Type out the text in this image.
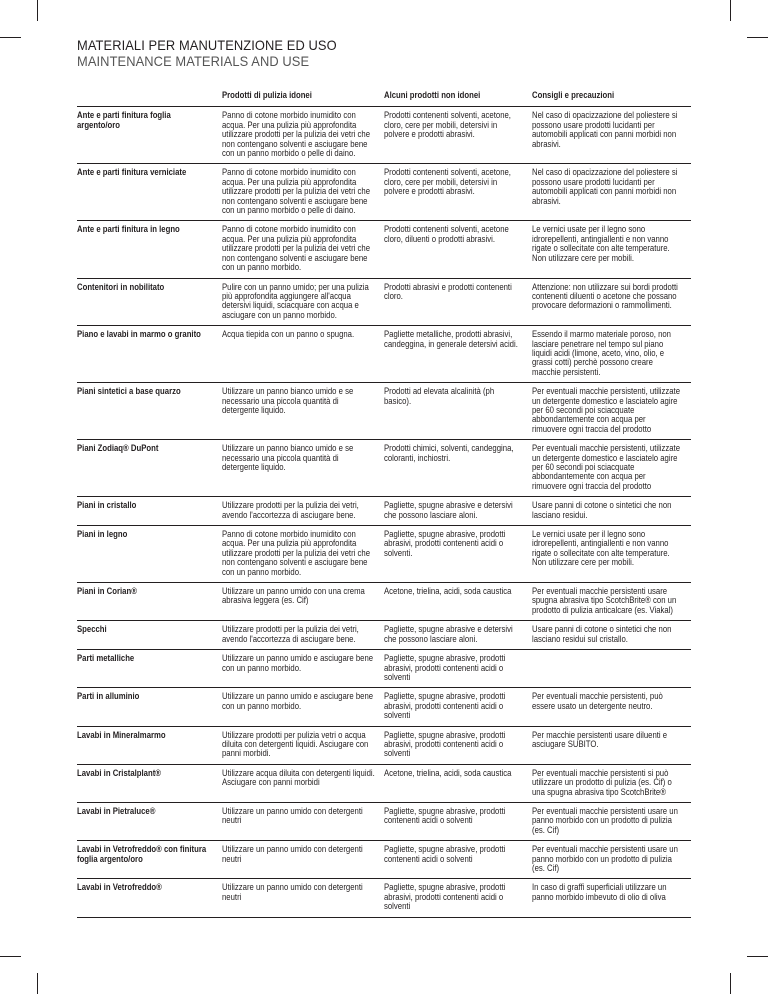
MATERIALI PER MANUTENZIONE ED USO
MAINTENANCE MATERIALS AND USE

	Prodotti di pulizia idonei	Alcuni prodotti non idonei	Consigli e precauzioni

Ante e parti finitura foglia argento/oro	Panno di cotone morbido inumidito con acqua. Per una pulizia più approfondita utilizzare prodotti per la pulizia dei vetri che non contengano solventi e asciugare bene con un panno morbido o pelle di daino.	Prodotti contenenti solventi, acetone, cloro, cere per mobili, detersivi in polvere e prodotti abrasivi.	Nel caso di opacizzazione del poliestere si possono usare prodotti lucidanti per automobili applicati con panni morbidi non abrasivi.

Ante e parti finitura verniciate	Panno di cotone morbido inumidito con acqua. Per una pulizia più approfondita utilizzare prodotti per la pulizia dei vetri che non contengano solventi e asciugare bene con un panno morbido o pelle di daino.	Prodotti contenenti solventi, acetone, cloro, cere per mobili, detersivi in polvere e prodotti abrasivi.	Nel caso di opacizzazione del poliestere si possono usare prodotti lucidanti per automobili applicati con panni morbidi non abrasivi.

Ante e parti finitura in legno	Panno di cotone morbido inumidito con acqua. Per una pulizia più approfondita utilizzare prodotti per la pulizia dei vetri che non contengano solventi e asciugare bene con un panno morbido.	Prodotti contenenti solventi, acetone cloro, diluenti o prodotti abrasivi.	Le vernici usate per il legno sono idrorepellenti, antingiallenti e non vanno rigate o sollecitate con alte temperature. Non utilizzare cere per mobili.

Contenitori in nobilitato	Pulire con un panno umido; per una pulizia più approfondita aggiungere all'acqua detersivi liquidi, sciacquare con acqua e asciugare con un panno morbido.	Prodotti abrasivi e prodotti contenenti cloro.	Attenzione: non utilizzare sui bordi prodotti contenenti diluenti o acetone che possano provocare deformazioni o rammollimenti.

Piano e lavabi in marmo o granito	Acqua tiepida con un panno o spugna.	Pagliette metalliche, prodotti abrasivi, candeggina, in generale detersivi acidi.	Essendo il marmo materiale poroso, non lasciare penetrare nel tempo sul piano liquidi acidi (limone, aceto, vino, olio, e grassi cotti) perchè possono creare macchie persistenti.

Piani sintetici a base quarzo	Utilizzare un panno bianco umido e se necessario una piccola quantità di detergente liquido.	Prodotti ad elevata alcalinità (ph basico).	Per eventuali macchie persistenti, utilizzate un detergente domestico e lasciatelo agire per 60 secondi poi sciacquate abbondantemente con acqua per rimuovere ogni traccia del prodotto

Piani Zodiaq® DuPont	Utilizzare un panno bianco umido e se necessario una piccola quantità di detergente liquido.	Prodotti chimici, solventi, candeggina, coloranti, inchiostri.	Per eventuali macchie persistenti, utilizzate un detergente domestico e lasciatelo agire per 60 secondi poi sciacquate abbondantemente con acqua per rimuovere ogni traccia del prodotto

Piani in cristallo	Utilizzare prodotti per la pulizia dei vetri, avendo l'accortezza di asciugare bene.	Pagliette, spugne abrasive e detersivi che possono lasciare aloni.	Usare panni di cotone o sintetici che non lasciano residui.

Piani in legno	Panno di cotone morbido inumidito con acqua. Per una pulizia più approfondita utilizzare prodotti per la pulizia dei vetri che non contengano solventi e asciugare bene con un panno morbido.	Pagliette, spugne abrasive, prodotti abrasivi, prodotti contenenti acidi o solventi.	Le vernici usate per il legno sono idrorepellenti, antingiallenti e non vanno rigate o sollecitate con alte temperature. Non utilizzare cere per mobili.

Piani in Corian®	Utilizzare un panno umido con una crema abrasiva leggera (es. Cif)	Acetone, trielina, acidi, soda caustica	Per eventuali macchie persistenti usare spugna abrasiva tipo ScotchBrite® con un prodotto di pulizia anticalcare (es. Viakal)

Specchi	Utilizzare prodotti per la pulizia dei vetri, avendo l'accortezza di asciugare bene.	Pagliette, spugne abrasive e detersivi che possono lasciare aloni.	Usare panni di cotone o sintetici che non lasciano residui sul cristallo.

Parti metalliche	Utilizzare un panno umido e asciugare bene con un panno morbido.	Pagliette, spugne abrasive, prodotti abrasivi, prodotti contenenti acidi o solventi	

Parti in alluminio	Utilizzare un panno umido e asciugare bene con un panno morbido.	Pagliette, spugne abrasive, prodotti abrasivi, prodotti contenenti acidi o solventi	Per eventuali macchie persistenti, può essere usato un detergente neutro.

Lavabi in Mineralmarmo	Utilizzare prodotti per pulizia vetri o acqua diluita con detergenti liquidi. Asciugare con panni morbidi.	Pagliette, spugne abrasive, prodotti abrasivi, prodotti contenenti acidi o solventi	Per macchie persistenti usare diluenti e asciugare SUBITO.

Lavabi in Cristalplant®	Utilizzare acqua diluita con detergenti liquidi. Asciugare con panni morbidi	Acetone, trielina, acidi, soda caustica	Per eventuali macchie persistenti si può utilizzare un prodotto di pulizia (es. Cif) o una spugna abrasiva tipo ScotchBrite®

Lavabi in Pietraluce®	Utilizzare un panno umido con detergenti neutri	Pagliette, spugne abrasive, prodotti contenenti acidi o solventi	Per eventuali macchie persistenti usare un panno morbido con un prodotto di pulizia (es. Cif)

Lavabi in Vetrofreddo® con finitura foglia argento/oro	Utilizzare un panno umido con detergenti neutri	Pagliette, spugne abrasive, prodotti contenenti acidi o solventi	Per eventuali macchie persistenti usare un panno morbido con un prodotto di pulizia (es. Cif)

Lavabi in Vetrofreddo®	Utilizzare un panno umido con detergenti neutri	Pagliette, spugne abrasive, prodotti abrasivi, prodotti contenenti acidi o solventi	In caso di graffi superficiali utilizzare un panno morbido imbevuto di olio di oliva
